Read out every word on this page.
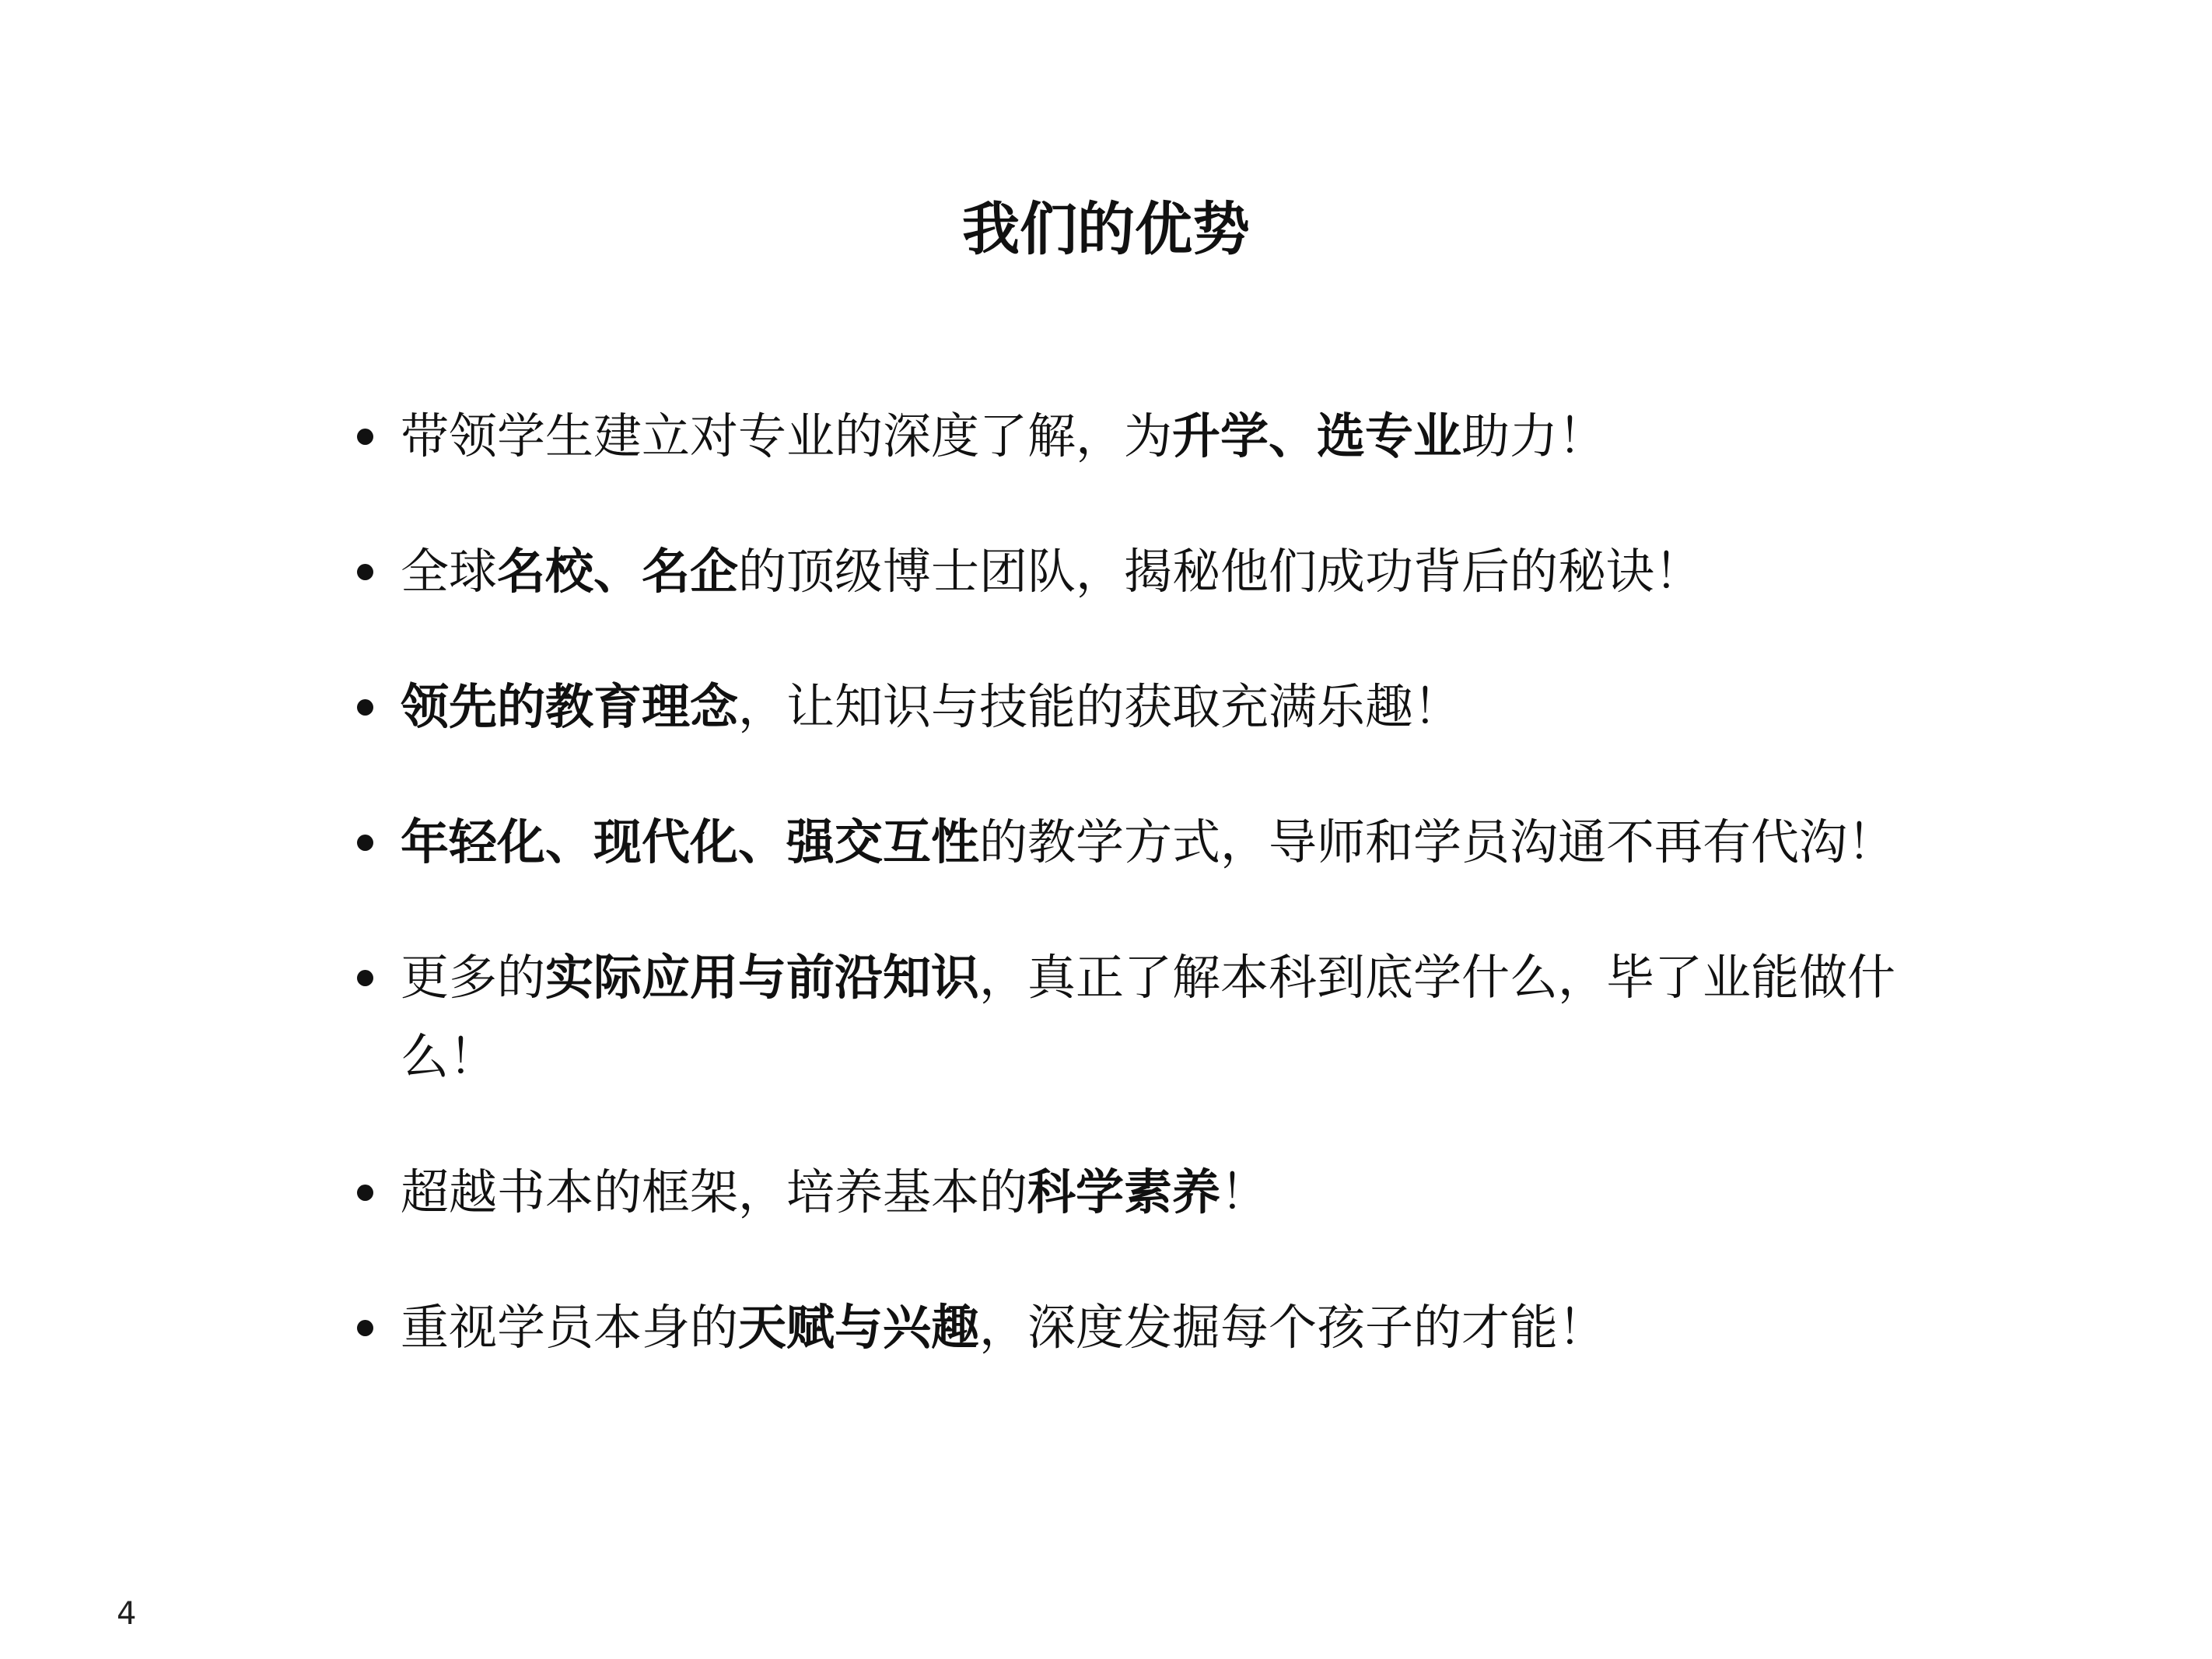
我们的优势
带领学生建立对专业的深度了解，为升学、选专业助力！
全球名校、名企的顶级博士团队，揭秘他们成功背后的秘诀！
领先的教育理念，让知识与技能的获取充满乐趣！
年轻化、现代化、强交互性的教学方式，导师和学员沟通不再有代沟！
更多的实际应用与前沿知识，真正了解本科到底学什么，毕了业能做什么！
超越书本的框架，培养基本的科学素养！
重视学员本身的天赋与兴趣，深度发掘每个孩子的才能！
4
